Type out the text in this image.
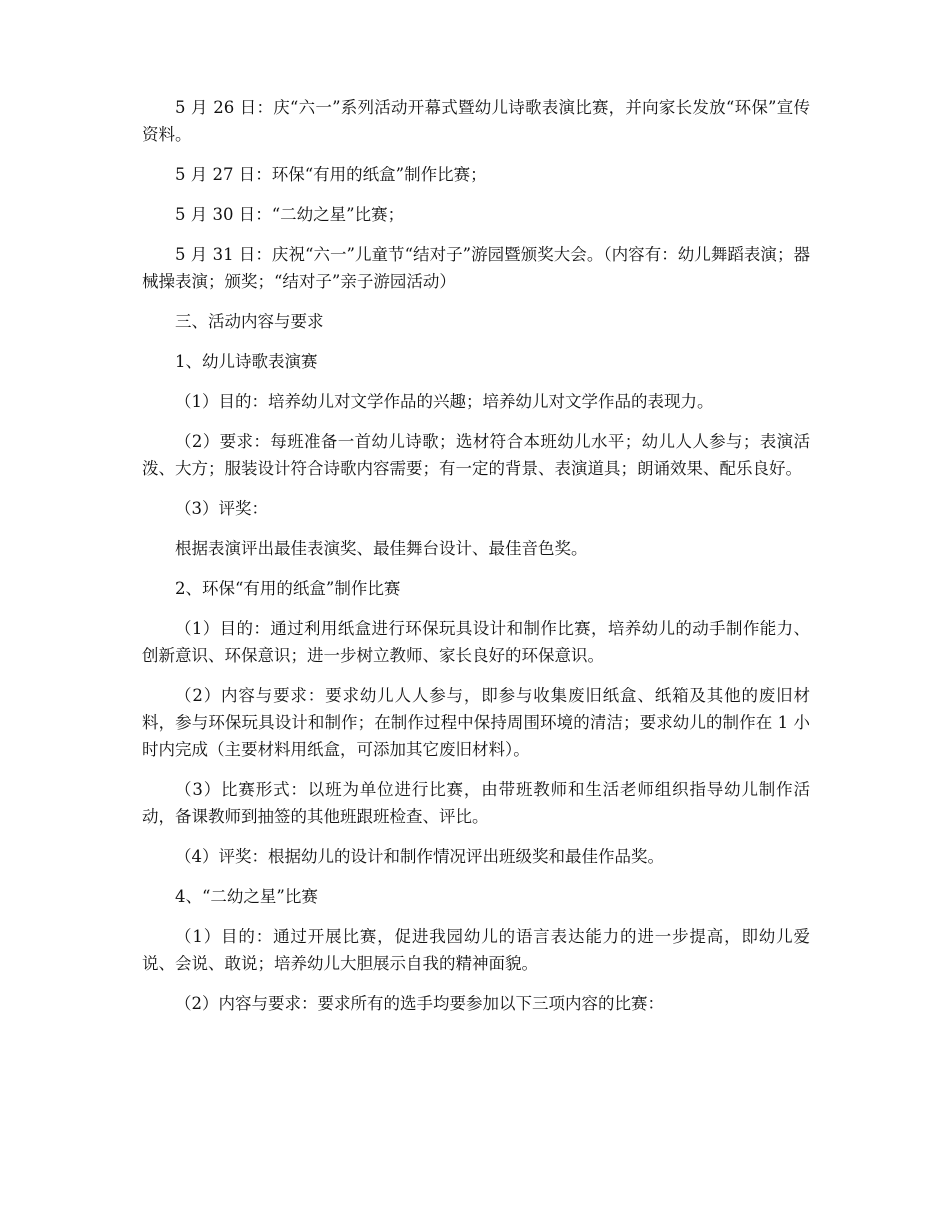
5 月 26 日：庆“六一”系列活动开幕式暨幼儿诗歌表演比赛，并向家长发放“环保”宣传资料。

5 月 27 日：环保“有用的纸盒”制作比赛；

5 月 30 日：“二幼之星”比赛；

5 月 31 日：庆祝“六一”儿童节“结对子”游园暨颁奖大会。（内容有：幼儿舞蹈表演；器械操表演；颁奖；“结对子”亲子游园活动）

三、活动内容与要求

1、幼儿诗歌表演赛

（1）目的：培养幼儿对文学作品的兴趣；培养幼儿对文学作品的表现力。

（2）要求：每班准备一首幼儿诗歌；选材符合本班幼儿水平；幼儿人人参与；表演活泼、大方；服装设计符合诗歌内容需要；有一定的背景、表演道具；朗诵效果、配乐良好。

（3）评奖：

根据表演评出最佳表演奖、最佳舞台设计、最佳音色奖。

2、环保“有用的纸盒”制作比赛

（1）目的：通过利用纸盒进行环保玩具设计和制作比赛，培养幼儿的动手制作能力、创新意识、环保意识；进一步树立教师、家长良好的环保意识。

（2）内容与要求：要求幼儿人人参与，即参与收集废旧纸盒、纸箱及其他的废旧材料，参与环保玩具设计和制作；在制作过程中保持周围环境的清洁；要求幼儿的制作在 1 小时内完成（主要材料用纸盒，可添加其它废旧材料）。

（3）比赛形式：以班为单位进行比赛，由带班教师和生活老师组织指导幼儿制作活动，备课教师到抽签的其他班跟班检查、评比。

（4）评奖：根据幼儿的设计和制作情况评出班级奖和最佳作品奖。

4、“二幼之星”比赛

（1）目的：通过开展比赛，促进我园幼儿的语言表达能力的进一步提高，即幼儿爱说、会说、敢说；培养幼儿大胆展示自我的精神面貌。

（2）内容与要求：要求所有的选手均要参加以下三项内容的比赛：
